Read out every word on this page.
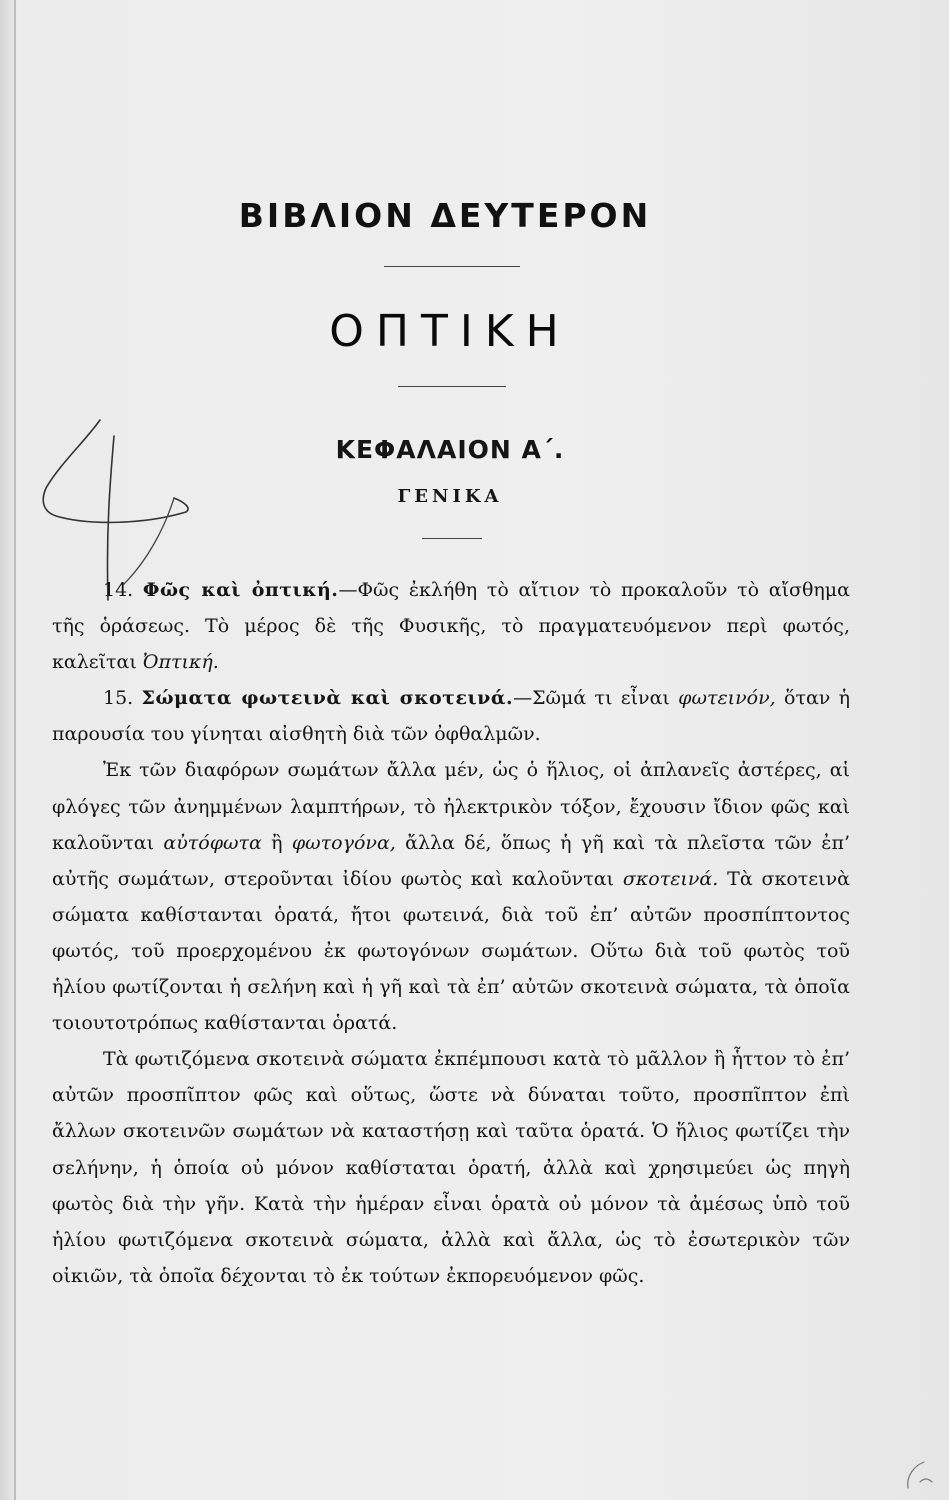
ΒΙΒΛΙΟΝ ΔΕΥΤΕΡΟΝ
ΟΠΤΙΚΗ
ΚΕΦΑΛΑΙΟΝ Α΄.
ΓΕΝΙΚΑ

14. Φῶς καὶ ὀπτική.—Φῶς ἐκλήθη τὸ αἴτιον τὸ προκαλοῦν τὸ αἴσθημα τῆς ὁράσεως. Τὸ μέρος δὲ τῆς Φυσικῆς, τὸ πραγματευόμενον περὶ φωτός, καλεῖται Ὀπτική.

15. Σώματα φωτεινὰ καὶ σκοτεινά.—Σῶμά τι εἶναι φωτεινόν, ὅταν ἡ παρουσία του γίνηται αἰσθητὴ διὰ τῶν ὀφθαλμῶν.

Ἐκ τῶν διαφόρων σωμάτων ἄλλα μέν, ὡς ὁ ἥλιος, οἱ ἀπλανεῖς ἀστέρες, αἱ φλόγες τῶν ἀνημμένων λαμπτήρων, τὸ ἠλεκτρικὸν τόξον, ἔχουσιν ἴδιον φῶς καὶ καλοῦνται αὐτόφωτα ἢ φωτογόνα, ἄλλα δέ, ὅπως ἡ γῆ καὶ τὰ πλεῖστα τῶν ἐπ’ αὐτῆς σωμάτων, στεροῦνται ἰδίου φωτὸς καὶ καλοῦνται σκοτεινά. Τὰ σκοτεινὰ σώματα καθίστανται ὁρατά, ἤτοι φωτεινά, διὰ τοῦ ἐπ’ αὐτῶν προσπίπτοντος φωτός, τοῦ προερχομένου ἐκ φωτογόνων σωμάτων. Οὕτω διὰ τοῦ φωτὸς τοῦ ἡλίου φωτίζονται ἡ σελήνη καὶ ἡ γῆ καὶ τὰ ἐπ’ αὐτῶν σκοτεινὰ σώματα, τὰ ὁποῖα τοιουτοτρόπως καθίστανται ὁρατά.

Τὰ φωτιζόμενα σκοτεινὰ σώματα ἐκπέμπουσι κατὰ τὸ μᾶλλον ἢ ἧττον τὸ ἐπ’ αὐτῶν προσπῖπτον φῶς καὶ οὕτως, ὥστε νὰ δύναται τοῦτο, προσπῖπτον ἐπὶ ἄλλων σκοτεινῶν σωμάτων νὰ καταστήσῃ καὶ ταῦτα ὁρατά. Ὁ ἥλιος φωτίζει τὴν σελήνην, ἡ ὁποία οὐ μόνον καθίσταται ὁρατή, ἀλλὰ καὶ χρησιμεύει ὡς πηγὴ φωτὸς διὰ τὴν γῆν. Κατὰ τὴν ἡμέραν εἶναι ὁρατὰ οὐ μόνον τὰ ἀμέσως ὑπὸ τοῦ ἡλίου φωτιζόμενα σκοτεινὰ σώματα, ἀλλὰ καὶ ἄλλα, ὡς τὸ ἐσωτερικὸν τῶν οἰκιῶν, τὰ ὁποῖα δέχονται τὸ ἐκ τούτων ἐκπορευόμενον φῶς.
